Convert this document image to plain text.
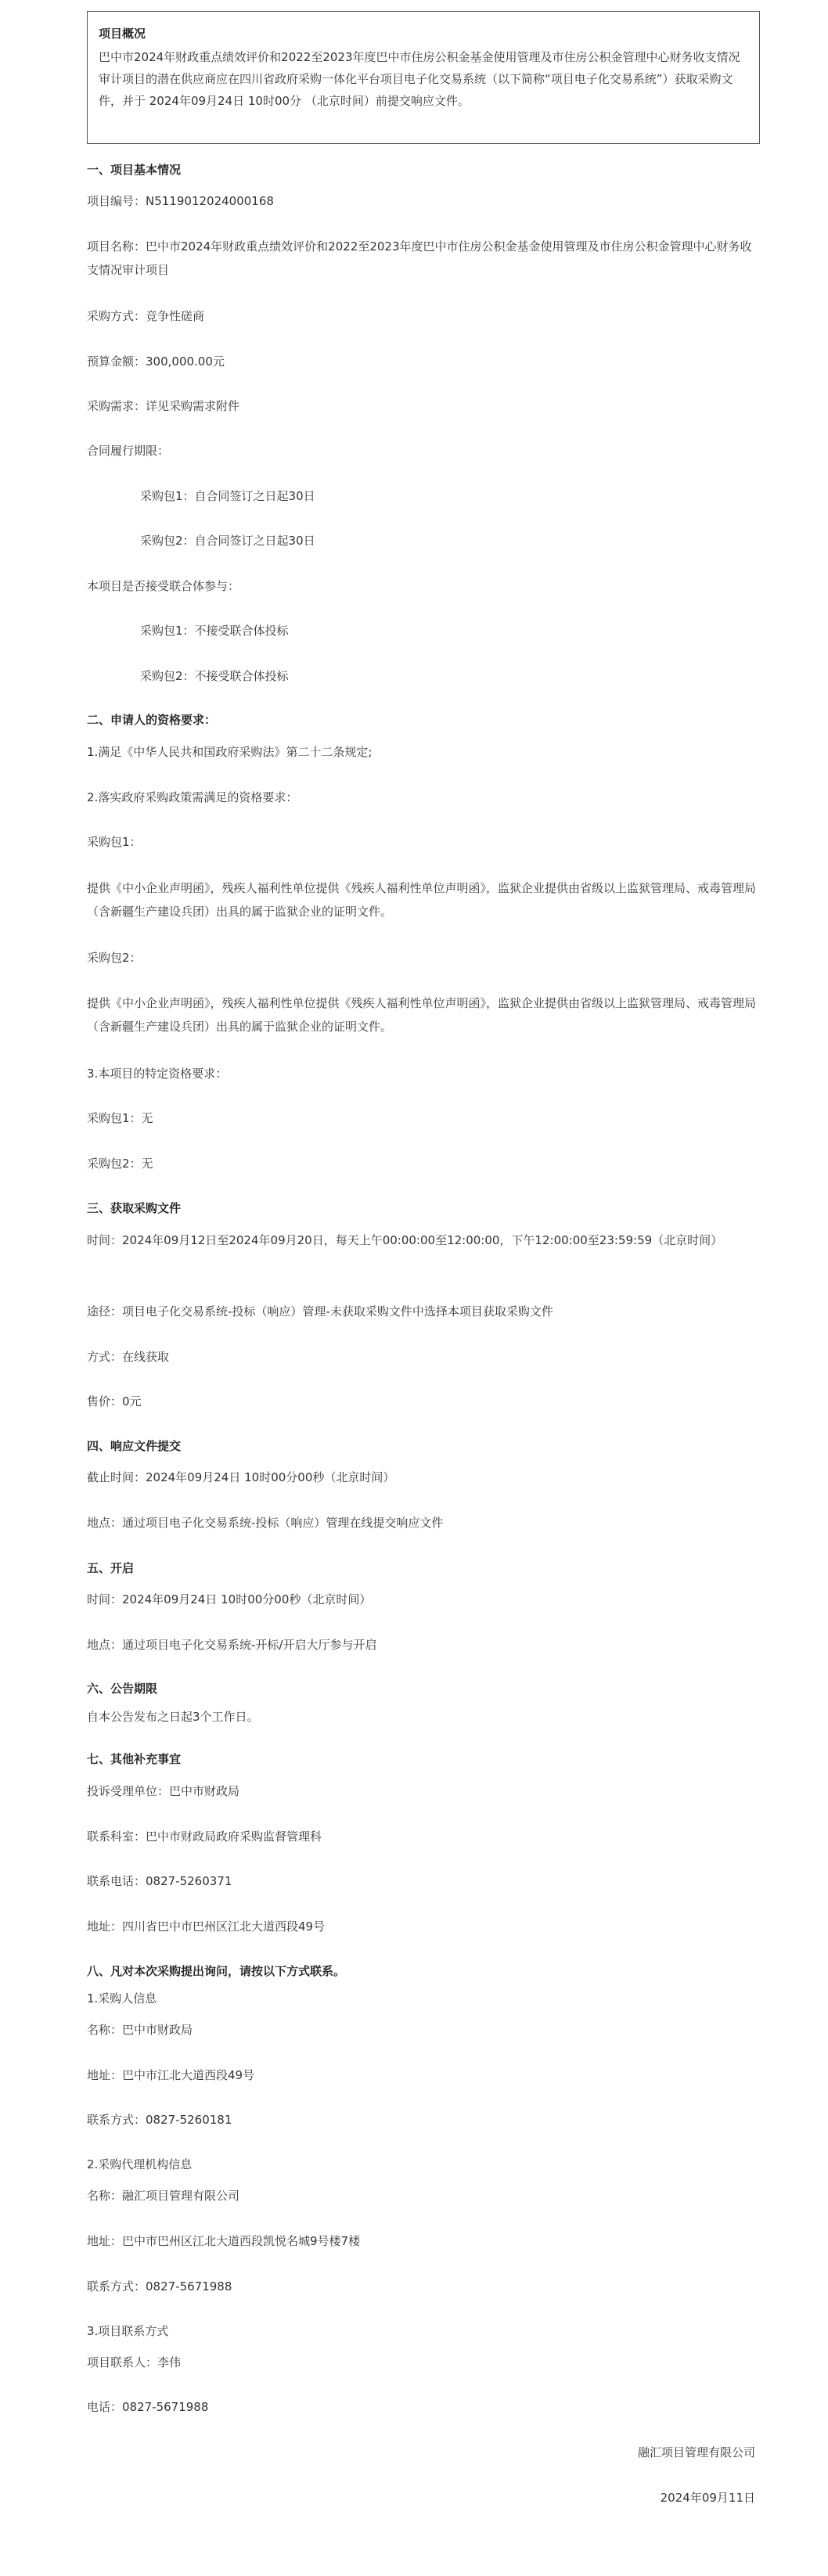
项目概况
巴中市2024年财政重点绩效评价和2022至2023年度巴中市住房公积金基金使用管理及市住房公积金管理中心财务收支情况审计项目的潜在供应商应在四川省政府采购一体化平台项目电子化交易系统（以下简称“项目电子化交易系统”）获取采购文件，并于 2024年09月24日 10时00分 （北京时间）前提交响应文件。
一、项目基本情况
项目编号：N5119012024000168
项目名称：巴中市2024年财政重点绩效评价和2022至2023年度巴中市住房公积金基金使用管理及市住房公积金管理中心财务收支情况审计项目
采购方式：竞争性磋商
预算金额：300,000.00元
采购需求：详见采购需求附件
合同履行期限：
采购包1：自合同签订之日起30日
采购包2：自合同签订之日起30日
本项目是否接受联合体参与：
采购包1：不接受联合体投标
采购包2：不接受联合体投标
二、申请人的资格要求：
1.满足《中华人民共和国政府采购法》第二十二条规定;
2.落实政府采购政策需满足的资格要求：
采购包1：
提供《中小企业声明函》，残疾人福利性单位提供《残疾人福利性单位声明函》，监狱企业提供由省级以上监狱管理局、戒毒管理局（含新疆生产建设兵团）出具的属于监狱企业的证明文件。
采购包2：
提供《中小企业声明函》，残疾人福利性单位提供《残疾人福利性单位声明函》，监狱企业提供由省级以上监狱管理局、戒毒管理局（含新疆生产建设兵团）出具的属于监狱企业的证明文件。
3.本项目的特定资格要求：
采购包1：无
采购包2：无
三、获取采购文件
时间：2024年09月12日至2024年09月20日，每天上午00:00:00至12:00:00，下午12:00:00至23:59:59（北京时间）
途径：项目电子化交易系统-投标（响应）管理-未获取采购文件中选择本项目获取采购文件
方式：在线获取
售价：0元
四、响应文件提交
截止时间：2024年09月24日 10时00分00秒（北京时间）
地点：通过项目电子化交易系统-投标（响应）管理在线提交响应文件
五、开启
时间：2024年09月24日 10时00分00秒（北京时间）
地点：通过项目电子化交易系统-开标/开启大厅参与开启
六、公告期限
自本公告发布之日起3个工作日。
七、其他补充事宜
投诉受理单位：巴中市财政局
联系科室：巴中市财政局政府采购监督管理科
联系电话：0827-5260371
地址：四川省巴中市巴州区江北大道西段49号
八、凡对本次采购提出询问，请按以下方式联系。
1.采购人信息
名称：巴中市财政局
地址：巴中市江北大道西段49号
联系方式：0827-5260181
2.采购代理机构信息
名称：融汇项目管理有限公司
地址：巴中市巴州区江北大道西段凯悦名城9号楼7楼
联系方式：0827-5671988
3.项目联系方式
项目联系人：李伟
电话：0827-5671988
融汇项目管理有限公司
2024年09月11日
